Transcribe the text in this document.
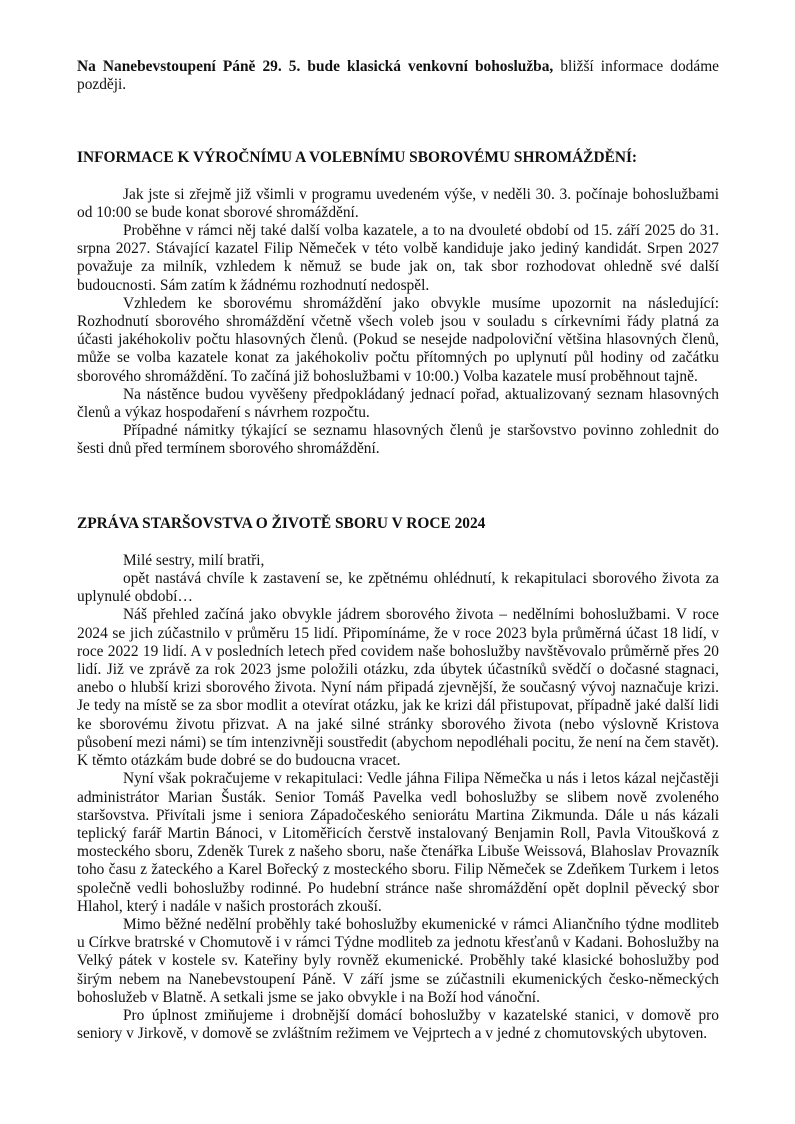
Na Nanebevstoupení Páně 29. 5. bude klasická venkovní bohoslužba, bližší informace dodáme později.

INFORMACE K VÝROČNÍMU A VOLEBNÍMU SBOROVÉMU SHROMÁŽDĚNÍ:

Jak jste si zřejmě již všimli v programu uvedeném výše, v neděli 30. 3. počínaje bohoslužbami od 10:00 se bude konat sborové shromáždění.

Proběhne v rámci něj také další volba kazatele, a to na dvouleté období od 15. září 2025 do 31. srpna 2027. Stávající kazatel Filip Němeček v této volbě kandiduje jako jediný kandidát. Srpen 2027 považuje za milník, vzhledem k němuž se bude jak on, tak sbor rozhodovat ohledně své další budoucnosti. Sám zatím k žádnému rozhodnutí nedospěl.

Vzhledem ke sborovému shromáždění jako obvykle musíme upozornit na následující: Rozhodnutí sborového shromáždění včetně všech voleb jsou v souladu s církevními řády platná za účasti jakéhokoliv počtu hlasovných členů. (Pokud se nesejde nadpoloviční většina hlasovných členů, může se volba kazatele konat za jakéhokoliv počtu přítomných po uplynutí půl hodiny od začátku sborového shromáždění. To začíná již bohoslužbami v 10:00.) Volba kazatele musí proběhnout tajně.

Na nástěnce budou vyvěšeny předpokládaný jednací pořad, aktualizovaný seznam hlasovných členů a výkaz hospodaření s návrhem rozpočtu.

Případné námitky týkající se seznamu hlasovných členů je staršovstvo povinno zohlednit do šesti dnů před termínem sborového shromáždění.

ZPRÁVA STARŠOVSTVA O ŽIVOTĚ SBORU V ROCE 2024

Milé sestry, milí bratři,

opět nastává chvíle k zastavení se, ke zpětnému ohlédnutí, k rekapitulaci sborového života za uplynulé období…

Náš přehled začíná jako obvykle jádrem sborového života – nedělními bohoslužbami. V roce 2024 se jich zúčastnilo v průměru 15 lidí. Připomínáme, že v roce 2023 byla průměrná účast 18 lidí, v roce 2022 19 lidí. A v posledních letech před covidem naše bohoslužby navštěvovalo průměrně přes 20 lidí. Již ve zprávě za rok 2023 jsme položili otázku, zda úbytek účastníků svědčí o dočasné stagnaci, anebo o hlubší krizi sborového života. Nyní nám připadá zjevnější, že současný vývoj naznačuje krizi. Je tedy na místě se za sbor modlit a otevírat otázku, jak ke krizi dál přistupovat, případně jaké další lidi ke sborovému životu přizvat. A na jaké silné stránky sborového života (nebo výslovně Kristova působení mezi námi) se tím intenzivněji soustředit (abychom nepodléhali pocitu, že není na čem stavět). K těmto otázkám bude dobré se do budoucna vracet.

Nyní však pokračujeme v rekapitulaci: Vedle jáhna Filipa Němečka u nás i letos kázal nejčastěji administrátor Marian Šusták. Senior Tomáš Pavelka vedl bohoslužby se slibem nově zvoleného staršovstva. Přivítali jsme i seniora Západočeského seniorátu Martina Zikmunda. Dále u nás kázali teplický farář Martin Bánoci, v Litoměřicích čerstvě instalovaný Benjamin Roll, Pavla Vitoušková z mosteckého sboru, Zdeněk Turek z našeho sboru, naše čtenářka Libuše Weissová, Blahoslav Provazník toho času z žateckého a Karel Bořecký z mosteckého sboru. Filip Němeček se Zdeňkem Turkem i letos společně vedli bohoslužby rodinné. Po hudební stránce naše shromáždění opět doplnil pěvecký sbor Hlahol, který i nadále v našich prostorách zkouší.

Mimo běžné nedělní proběhly také bohoslužby ekumenické v rámci Aliančního týdne modliteb u Církve bratrské v Chomutově i v rámci Týdne modliteb za jednotu křesťanů v Kadani. Bohoslužby na Velký pátek v kostele sv. Kateřiny byly rovněž ekumenické. Proběhly také klasické bohoslužby pod širým nebem na Nanebevstoupení Páně. V září jsme se zúčastnili ekumenických česko-německých bohoslužeb v Blatně. A setkali jsme se jako obvykle i na Boží hod vánoční.

Pro úplnost zmiňujeme i drobnější domácí bohoslužby v kazatelské stanici, v domově pro seniory v Jirkově, v domově se zvláštním režimem ve Vejprtech a v jedné z chomutovských ubytoven.
